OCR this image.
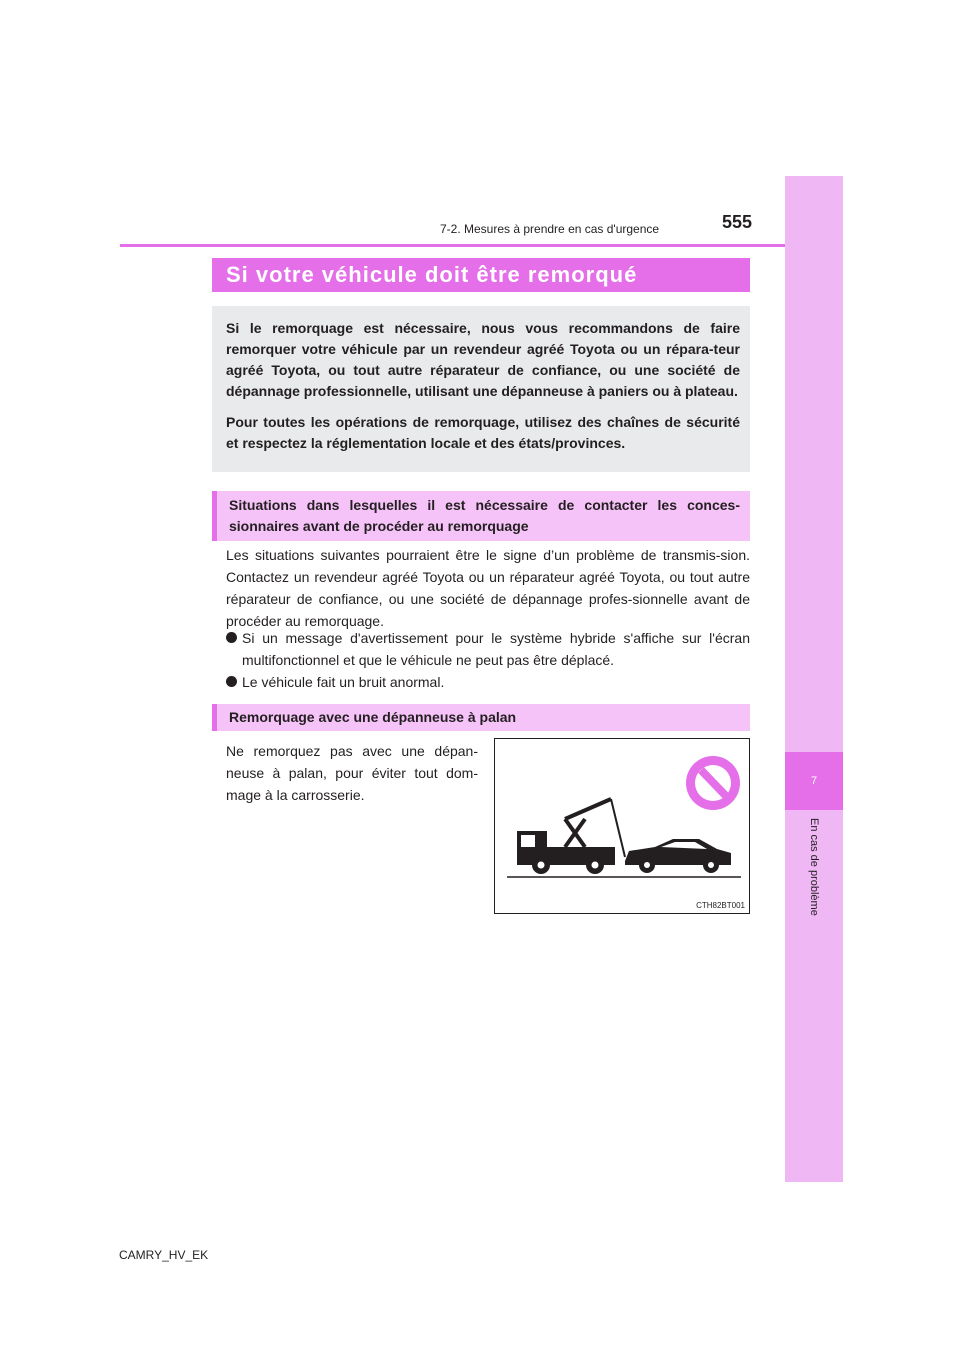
7
En cas de problème
555
7-2. Mesures à prendre en cas d'urgence
Si votre véhicule doit être remorqué

Si le remorquage est nécessaire, nous vous recommandons de faire remorquer votre véhicule par un revendeur agréé Toyota ou un répara-teur agréé Toyota, ou tout autre réparateur de confiance, ou une société de dépannage professionnelle, utilisant une dépanneuse à paniers ou à plateau.

Pour toutes les opérations de remorquage, utilisez des chaînes de sécurité et respectez la réglementation locale et des états/provinces.

Situations dans lesquelles il est nécessaire de contacter les conces-sionnaires avant de procéder au remorquage
Les situations suivantes pourraient être le signe d’un problème de transmis-sion. Contactez un revendeur agréé Toyota ou un réparateur agréé Toyota, ou tout autre réparateur de confiance, ou une société de dépannage profes-sionnelle avant de procéder au remorquage.
Si un message d'avertissement pour le système hybride s'affiche sur l'écran multifonctionnel et que le véhicule ne peut pas être déplacé.
Le véhicule fait un bruit anormal.
Remorquage avec une dépanneuse à palan
Ne remorquez pas avec une dépan-neuse à palan, pour éviter tout dom-mage à la carrosserie.
CTH82BT001
CAMRY_HV_EK
